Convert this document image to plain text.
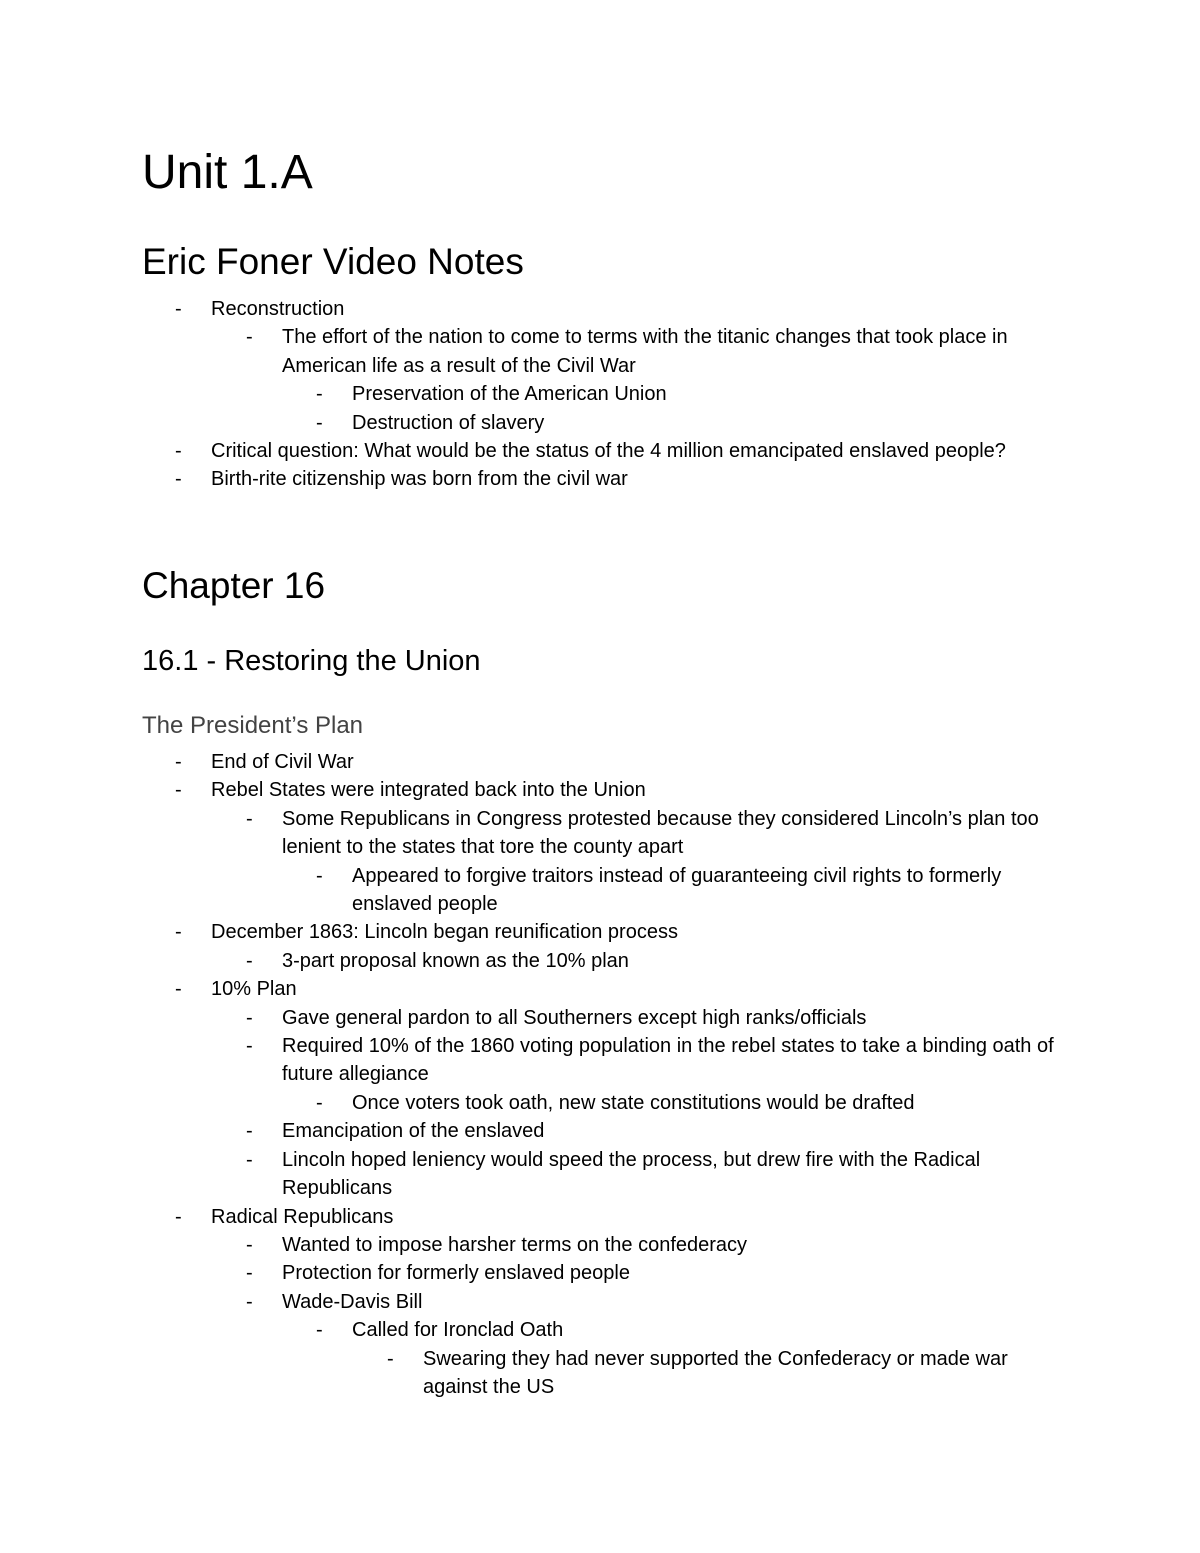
Unit 1.A
Eric Foner Video Notes
- Reconstruction
- The effort of the nation to come to terms with the titanic changes that took place in American life as a result of the Civil War
- Preservation of the American Union
- Destruction of slavery
- Critical question: What would be the status of the 4 million emancipated enslaved people?
- Birth-rite citizenship was born from the civil war
Chapter 16
16.1 - Restoring the Union
The President’s Plan
- End of Civil War
- Rebel States were integrated back into the Union
- Some Republicans in Congress protested because they considered Lincoln’s plan too lenient to the states that tore the county apart
- Appeared to forgive traitors instead of guaranteeing civil rights to formerly enslaved people
- December 1863: Lincoln began reunification process
- 3-part proposal known as the 10% plan
- 10% Plan
- Gave general pardon to all Southerners except high ranks/officials
- Required 10% of the 1860 voting population in the rebel states to take a binding oath of future allegiance
- Once voters took oath, new state constitutions would be drafted
- Emancipation of the enslaved
- Lincoln hoped leniency would speed the process, but drew fire with the Radical Republicans
- Radical Republicans
- Wanted to impose harsher terms on the confederacy
- Protection for formerly enslaved people
- Wade-Davis Bill
- Called for Ironclad Oath
- Swearing they had never supported the Confederacy or made war against the US
